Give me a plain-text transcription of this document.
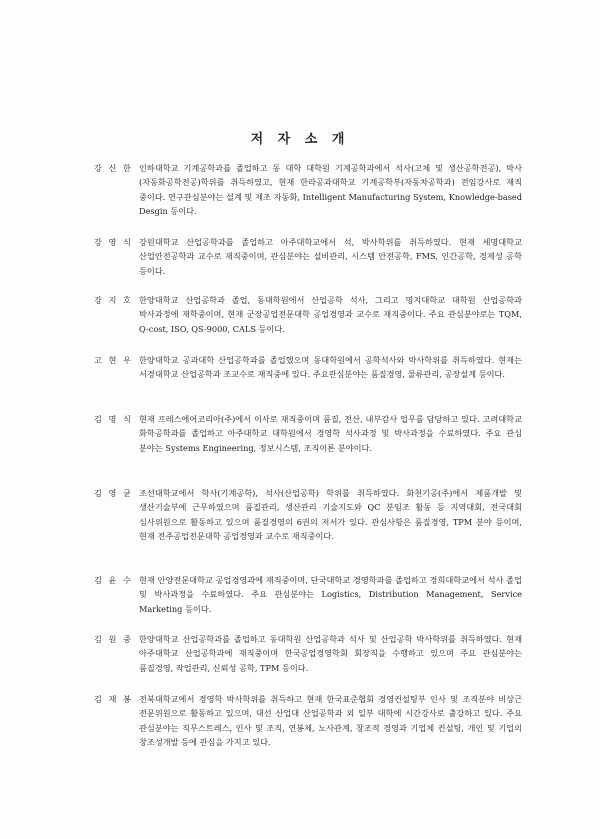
저 자 소 개
강 신 한 인하대학교 기계공학과를 졸업하고 동 대학 대학원 기계공학과에서 석사(고체 및 생산공학전공), 박사(자동화공학전공)학위를 취득하였고, 현재 한라공과대학교 기계공학부(자동차공학과) 전임강사로 재직 중이다. 연구관심분야는 설계 및 제조 자동화, Intelligent Manufacturing System, Knowledge-based Desgin 등이다.
강 영 식 강원대학교 산업공학과를 졸업하고 아주대학교에서 석, 박사학위를 취득하였다. 현재 세명대학교 산업안전공학과 교수로 재직중이며, 관심분야는 설비관리, 시스템 안전공학, FMS, 인간공학, 경제성 공학 등이다.
강 지 호 한양대학교 산업공학과 졸업, 동대학원에서 산업공학 석사, 그리고 명지대학교 대학원 산업공학과 박사과정에 재학중이며, 현재 군장공업전문대학 공업경영과 교수로 재직중이다. 주요 관심분야로는 TQM, Q-cost, ISO, QS-9000, CALS 등이다.
고 현 우 한양대학교 공과대학 산업공학과를 졸업했으며 동대학원에서 공학석사와 박사학위를 취득하였다. 현재는 서경대학교 산업공학과 조교수로 재직중에 있다. 주요관심분야는 품질경영, 물류관리, 공장설계 등이다.
김 명 식 현재 프레스에어코리아(주)에서 이사로 재직중이며 품질, 전산, 내부감사 업무를 담당하고 있다. 고려대학교 화학공학과를 졸업하고 아주대학교 대학원에서 경영학 석사과정 및 박사과정을 수료하였다. 주요 관심 분야는 Systems Engineering, 정보시스템, 조직이론 분야이다.
김 영 균 조선대학교에서 학사(기계공학), 석사(산업공학) 학위를 취득하였다. 화천기공(주)에서 제품개발 및 생산기술부에 근무하였으며 품질관리, 생산관리 기술지도와 QC 분임조 활동 등 지역대회, 전국대회 심사위원으로 활동하고 있으며 품질경영의 6권의 저서가 있다. 관심사항은 품질경영, TPM 분야 등이며, 현재 전주공업전문대학 공업경영과 교수로 재직중이다.
김 윤 수 현재 안양전문대학교 공업경영과에 재직중이며, 단국대학교 경영학과를 졸업하고 경희대학교에서 석사 졸업 및 박사과정을 수료하였다. 주요 관심분야는 Logistics, Distribution Management, Service Marketing 등이다.
김 원 중 한양대학교 산업공학과를 졸업하고 동대학원 산업공학과 석사 및 산업공학 박사학위를 취득하였다. 현재 아주대학교 산업공학과에 재직중이며 한국공업경영학회 회장직을 수행하고 있으며 주요 관심분야는 품질경영, 작업관리, 신뢰성 공학, TPM 등이다.
김 재 봉 전북대학교에서 경영학 박사학위를 취득하고 현재 한국표준협회 경영컨설팅부 인사 및 조직분야 비상근 전문위원으로 활동하고 있으며, 대선 산업대 산업공학과 외 일부 대학에 시간강사로 출강하고 있다. 주요 관심분야는 직무스트레스, 인사 및 조직, 연봉제, 노사관계, 창조적 경영과 기업체 컨설팅, 개인 및 기업의 창조성개발 등에 관심을 가지고 있다.
